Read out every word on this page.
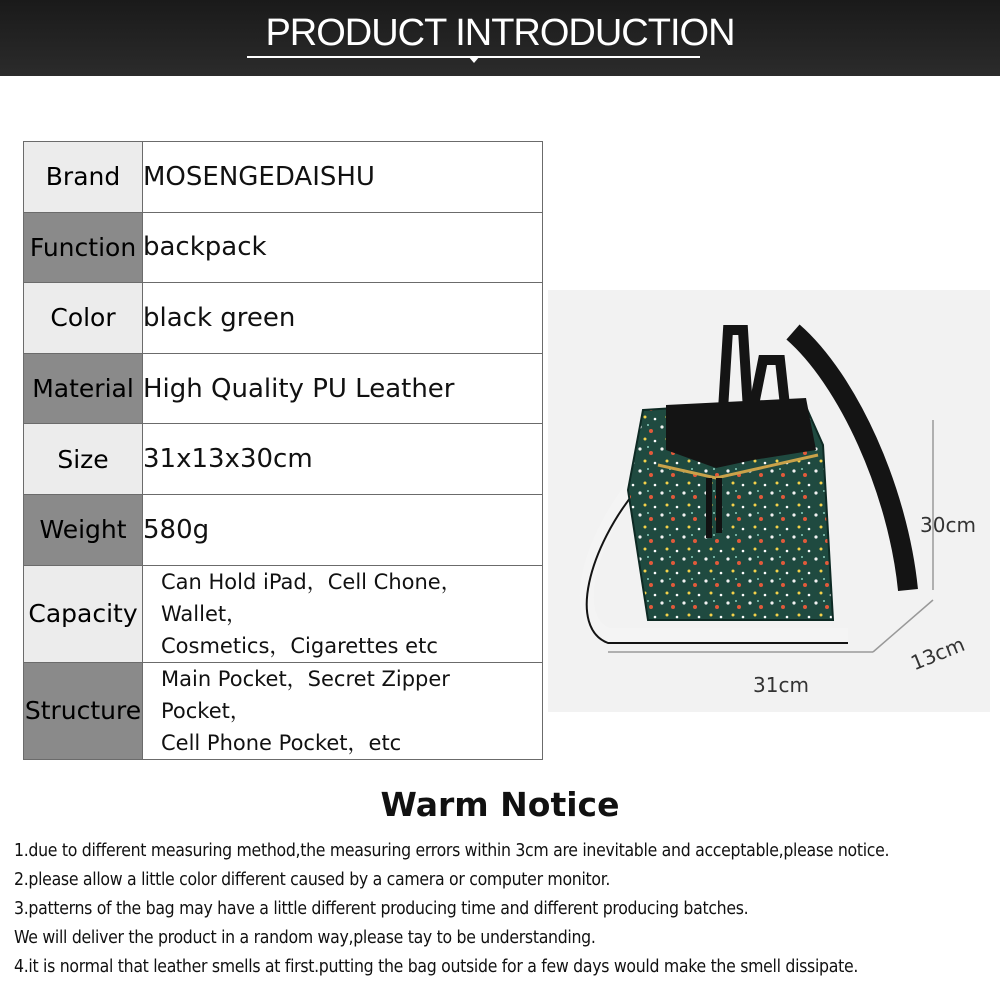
PRODUCT INTRODUCTION
Brand	MOSENGEDAISHU
Function	backpack
Color	black green
Material	High Quality PU Leather
Size	31x13x30cm
Weight	580g
Capacity	Can Hold iPad，Cell Chone，Wallet，
Cosmetics，Cigarettes etc

Structure	Main Pocket，Secret Zipper Pocket，
Cell Phone Pocket，etc
30cm
13cm
31cm
Warm Notice
1.due to different measuring method,the measuring errors within 3cm are inevitable and acceptable,please notice.
2.please allow a little color different caused by a camera or computer monitor.
3.patterns of the bag may have a little different producing time and different producing batches.
We will deliver the product in a random way,please tay to be understanding.
4.it is normal that leather smells at first.putting the bag outside for a few days would make the smell dissipate.
